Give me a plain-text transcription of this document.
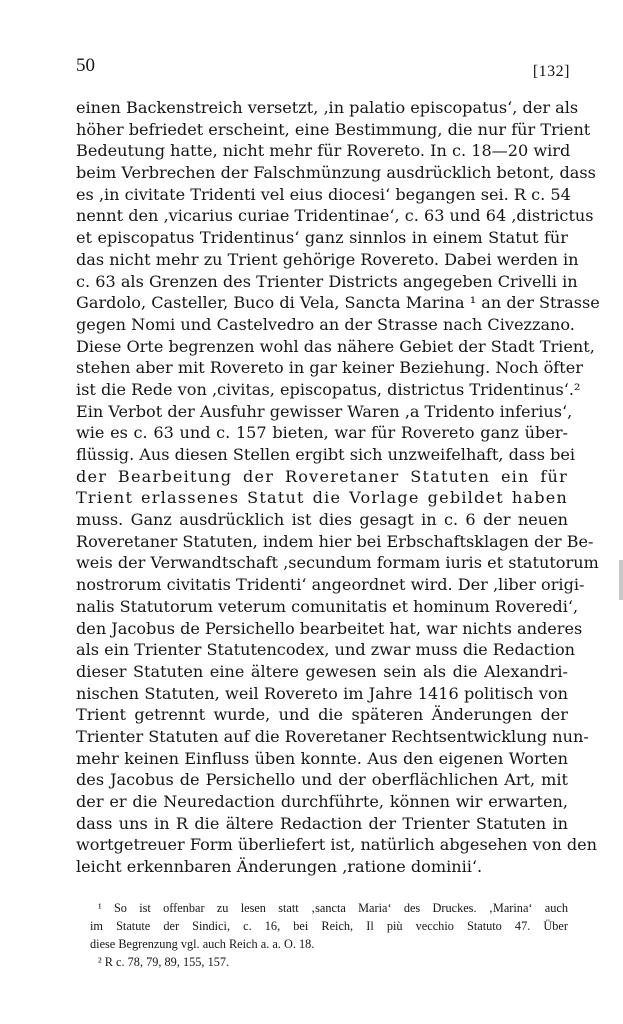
50	[132]
einen Backenstreich versetzt, ‚in palatio episcopatus‘, der als
höher befriedet erscheint, eine Bestimmung, die nur für Trient
Bedeutung hatte, nicht mehr für Rovereto. In c. 18—20 wird
beim Verbrechen der Falschmünzung ausdrücklich betont, dass
es ‚in civitate Tridenti vel eius diocesi‘ begangen sei. R c. 54
nennt den ‚vicarius curiae Tridentinae‘, c. 63 und 64 ‚districtus
et episcopatus Tridentinus‘ ganz sinnlos in einem Statut für
das nicht mehr zu Trient gehörige Rovereto. Dabei werden in
c. 63 als Grenzen des Trienter Districts angegeben Crivelli in
Gardolo, Casteller, Buco di Vela, Sancta Marina ¹ an der Strasse
gegen Nomi und Castelvedro an der Strasse nach Civezzano.
Diese Orte begrenzen wohl das nähere Gebiet der Stadt Trient,
stehen aber mit Rovereto in gar keiner Beziehung. Noch öfter
ist die Rede von ‚civitas, episcopatus, districtus Tridentinus‘.²
Ein Verbot der Ausfuhr gewisser Waren ‚a Tridento inferius‘,
wie es c. 63 und c. 157 bieten, war für Rovereto ganz über-
flüssig. Aus diesen Stellen ergibt sich unzweifelhaft, dass bei
der Bearbeitung der Roveretaner Statuten ein für
Trient erlassenes Statut die Vorlage gebildet haben
muss. Ganz ausdrücklich ist dies gesagt in c. 6 der neuen
Roveretaner Statuten, indem hier bei Erbschaftsklagen der Be-
weis der Verwandtschaft ‚secundum formam iuris et statutorum
nostrorum civitatis Tridenti‘ angeordnet wird. Der ‚liber origi-
nalis Statutorum veterum comunitatis et hominum Roveredi‘,
den Jacobus de Persichello bearbeitet hat, war nichts anderes
als ein Trienter Statutencodex, und zwar muss die Redaction
dieser Statuten eine ältere gewesen sein als die Alexandri-
nischen Statuten, weil Rovereto im Jahre 1416 politisch von
Trient getrennt wurde, und die späteren Änderungen der
Trienter Statuten auf die Roveretaner Rechtsentwicklung nun-
mehr keinen Einfluss üben konnte. Aus den eigenen Worten
des Jacobus de Persichello und der oberflächlichen Art, mit
der er die Neuredaction durchführte, können wir erwarten,
dass uns in R die ältere Redaction der Trienter Statuten in
wortgetreuer Form überliefert ist, natürlich abgesehen von den
leicht erkennbaren Änderungen ‚ratione dominii‘.
¹ So ist offenbar zu lesen statt ‚sancta Maria‘ des Druckes. ‚Marina‘ auch
im Statute der Sindici, c. 16, bei Reich, Il più vecchio Statuto 47. Über
diese Begrenzung vgl. auch Reich a. a. O. 18.
² R c. 78, 79, 89, 155, 157.
